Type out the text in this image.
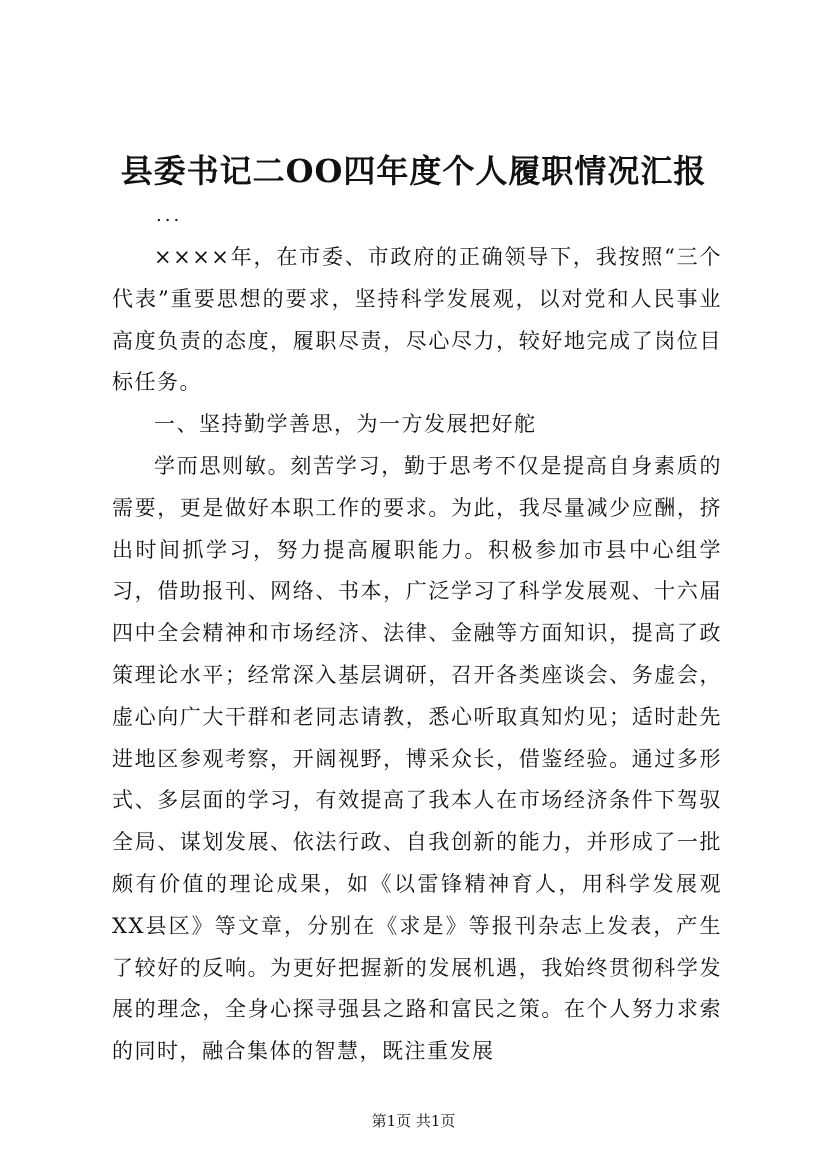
县委书记二OO四年度个人履职情况汇报
...

××××年，在市委、市政府的正确领导下，我按照“三个代表”重要思想的要求，坚持科学发展观，以对党和人民事业高度负责的态度，履职尽责，尽心尽力，较好地完成了岗位目标任务。

一、坚持勤学善思，为一方发展把好舵

学而思则敏。刻苦学习，勤于思考不仅是提高自身素质的需要，更是做好本职工作的要求。为此，我尽量减少应酬，挤出时间抓学习，努力提高履职能力。积极参加市县中心组学习，借助报刊、网络、书本，广泛学习了科学发展观、十六届四中全会精神和市场经济、法律、金融等方面知识，提高了政策理论水平；经常深入基层调研，召开各类座谈会、务虚会，虚心向广大干群和老同志请教，悉心听取真知灼见；适时赴先进地区参观考察，开阔视野，博采众长，借鉴经验。通过多形式、多层面的学习，有效提高了我本人在市场经济条件下驾驭全局、谋划发展、依法行政、自我创新的能力，并形成了一批颇有价值的理论成果，如《以雷锋精神育人，用科学发展观XX县区》等文章，分别在《求是》等报刊杂志上发表，产生了较好的反响。为更好把握新的发展机遇，我始终贯彻科学发展的理念，全身心探寻强县之路和富民之策。在个人努力求索的同时，融合集体的智慧，既注重发展

第1页 共1页
